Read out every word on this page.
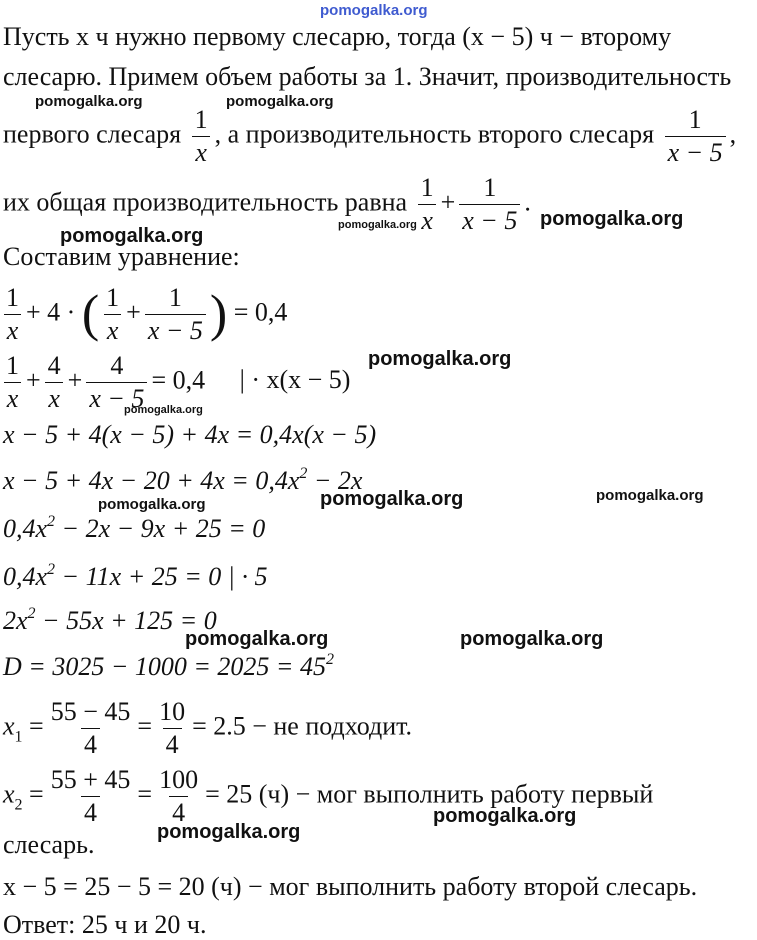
pomogalka.org
pomogalka.org	pomogalka.org
pomogalka.org	pomogalka.org
pomogalka.org
pomogalka.org
pomogalka.org
pomogalka.org	pomogalka.org	pomogalka.org
pomogalka.org	pomogalka.org
pomogalka.org
pomogalka.org
Пусть x ч нужно первому слесарю, тогда (x − 5) ч − второму
слесарю. Примем объем работы за 1. Значит, производительность
первого слесаря $\frac{1}{x}$ , а производительность второго слесаря $\frac{1}{x - 5}$ ,
их общая производительность равна $\frac{1}{x} + \frac{1}{x - 5}$ .
Составим уравнение:
$\frac{1}{x} + 4$ · ( $\frac{1}{x} + \frac{1}{x - 5}$ ) = 0,4
$\frac{1}{x} + \frac{4}{x} + \frac{4}{x - 5} = 0,4$ | · x(x − 5)
x − 5 + 4(x − 5) + 4x = 0,4x(x − 5)
$x - 5 + 4x - 20 + 4x = 0,4x^2 - 2x$
$0,4x^2 - 2x - 9x + 25 = 0$
$0,4x^2 - 11x + 25 = 0$ | · 5
$2x^2 - 55x + 125 = 0$
$D = 3025 - 1000 = 2025 = 45^2$
$x_1 = \frac{55 - 45}{4} = \frac{10}{4} = 2.5$ − не подходит.
$x_2 = \frac{55 + 45}{4} = \frac{100}{4} = 25$ (ч) − мог выполнить работу первый
слесарь.
x − 5 = 25 − 5 = 20 (ч) − мог выполнить работу второй слесарь.
Ответ: 25 ч и 20 ч.
